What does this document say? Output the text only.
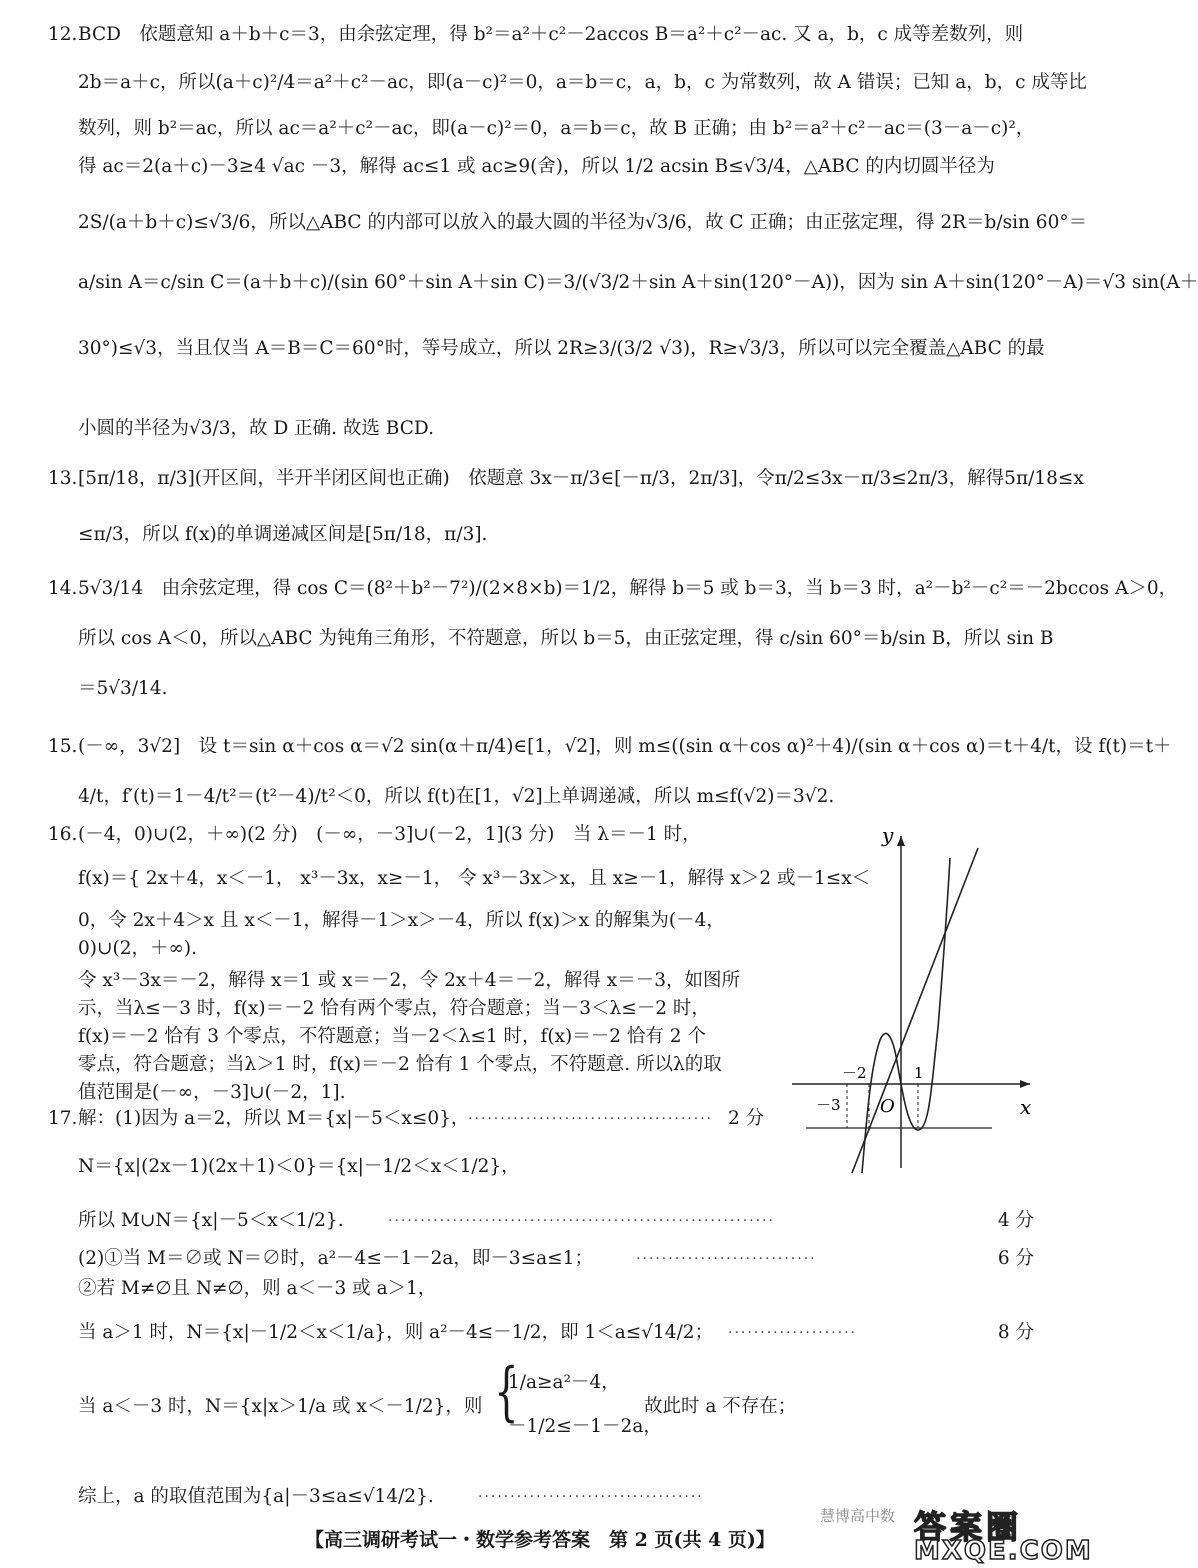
12.BCD　依题意知 a＋b＋c＝3，由余弦定理，得 b²＝a²＋c²－2accos B＝a²＋c²－ac. 又 a，b，c 成等差数列，则
2b＝a＋c，所以(a＋c)²/4＝a²＋c²－ac，即(a－c)²＝0，a＝b＝c，a，b，c 为常数列，故 A 错误；已知 a，b，c 成等比
数列，则 b²＝ac，所以 ac＝a²＋c²－ac，即(a－c)²＝0，a＝b＝c，故 B 正确；由 b²＝a²＋c²－ac＝(3－a－c)²，
得 ac＝2(a＋c)－3≥4 √ac －3，解得 ac≤1 或 ac≥9(舍)，所以 1/2 acsin B≤√3/4，△ABC 的内切圆半径为
2S/(a＋b＋c)≤√3/6，所以△ABC 的内部可以放入的最大圆的半径为√3/6，故 C 正确；由正弦定理，得 2R＝b/sin 60°＝
a/sin A＝c/sin C＝(a＋b＋c)/(sin 60°＋sin A＋sin C)＝3/(√3/2＋sin A＋sin(120°－A))，因为 sin A＋sin(120°－A)＝√3 sin(A＋
30°)≤√3，当且仅当 A＝B＝C＝60°时，等号成立，所以 2R≥3/(3/2 √3)，R≥√3/3，所以可以完全覆盖△ABC 的最
小圆的半径为√3/3，故 D 正确. 故选 BCD.
13.[5π/18，π/3](开区间，半开半闭区间也正确)　依题意 3x－π/3∈[－π/3，2π/3]，令π/2≤3x－π/3≤2π/3，解得5π/18≤x
≤π/3，所以 f(x)的单调递减区间是[5π/18，π/3].
14.5√3/14　由余弦定理，得 cos C＝(8²＋b²－7²)/(2×8×b)＝1/2，解得 b＝5 或 b＝3，当 b＝3 时，a²－b²－c²＝－2bccos A＞0，
所以 cos A＜0，所以△ABC 为钝角三角形，不符题意，所以 b＝5，由正弦定理，得 c/sin 60°＝b/sin B，所以 sin B
＝5√3/14.
15.(－∞，3√2]　设 t＝sin α＋cos α＝√2 sin(α＋π/4)∈[1，√2]，则 m≤((sin α＋cos α)²＋4)/(sin α＋cos α)＝t＋4/t，设 f(t)＝t＋
4/t，f′(t)＝1－4/t²＝(t²－4)/t²＜0，所以 f(t)在[1，√2]上单调递减，所以 m≤f(√2)＝3√2.
16.(－4，0)∪(2，＋∞)(2 分)　(－∞，－3]∪(－2，1](3 分)　当 λ＝－1 时，
f(x)＝{ 2x＋4，x＜－1， x³－3x，x≥－1， 令 x³－3x＞x，且 x≥－1，解得 x＞2 或－1≤x＜
0，令 2x＋4＞x 且 x＜－1，解得－1＞x＞－4，所以 f(x)＞x 的解集为(－4，
0)∪(2，＋∞).
令 x³－3x＝－2，解得 x＝1 或 x＝－2，令 2x＋4＝－2，解得 x＝－3，如图所
示，当λ≤－3 时，f(x)＝－2 恰有两个零点，符合题意；当－3＜λ≤－2 时，
f(x)＝－2 恰有 3 个零点，不符题意；当－2＜λ≤1 时，f(x)＝－2 恰有 2 个
零点，符合题意；当λ＞1 时，f(x)＝－2 恰有 1 个零点，不符题意. 所以λ的取
值范围是(－∞，－3]∪(－2，1].
y
x
O
－3
－2	1
17.解：(1)因为 a＝2，所以 M＝{x|－5＜x≤0}，
······································ 2 分
N＝{x|(2x－1)(2x＋1)＜0}＝{x|－1/2＜x＜1/2}，
所以 M∪N＝{x|－5＜x＜1/2}.	····························································	4 分
(2)①当 M＝∅或 N＝∅时，a²－4≤－1－2a，即－3≤a≤1；	····························	6 分
②若 M≠∅且 N≠∅，则 a＜－3 或 a＞1，
当 a＞1 时，N＝{x|－1/2＜x＜1/a}，则 a²－4≤－1/2，即 1＜a≤√14/2； ····················	8 分
当 a＜－3 时，N＝{x|x＞1/a 或 x＜－1/2}，则 {
1/a≥a²－4，
－1/2≤－1－2a，
故此时 a 不存在；
综上，a 的取值范围为{a|－3≤a≤√14/2}.	···································
慧博高中数 答案圈
MXQE.COM
【高三调研考试一・数学参考答案　第 2 页(共 4 页)】
